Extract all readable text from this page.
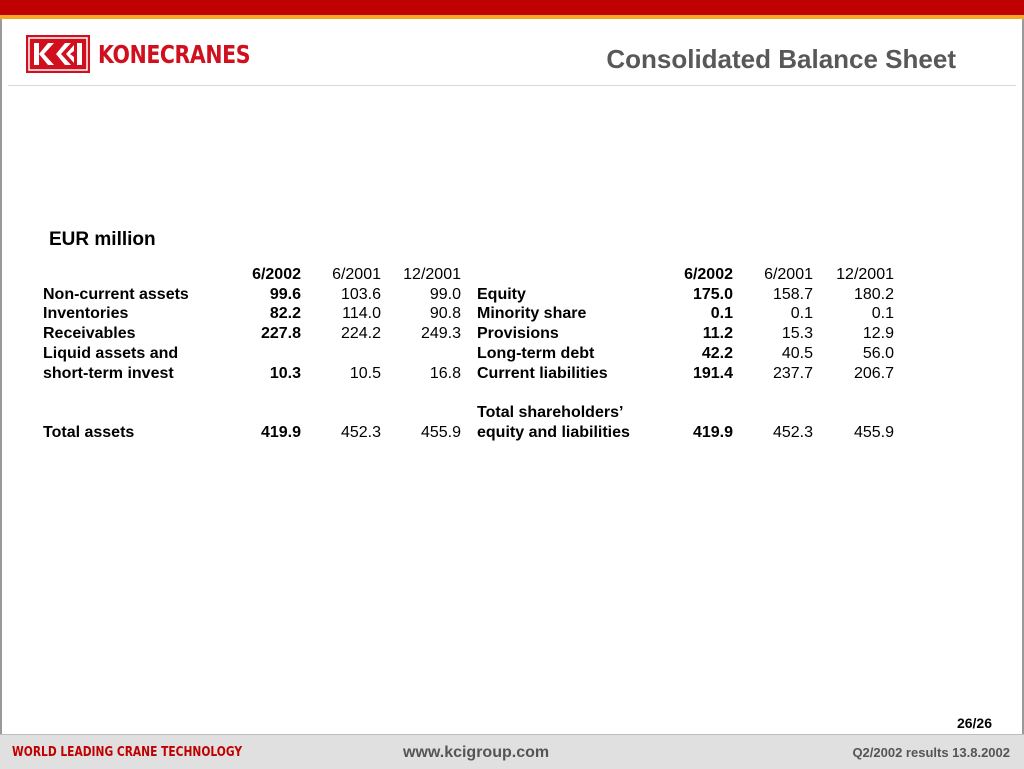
KONECRANES	Consolidated Balance Sheet
EUR million
	6/2002	6/2001	12/2001		6/2002	6/2001	12/2001
Non-current assets	99.6	103.6	99.0	Equity	175.0	158.7	180.2
Inventories	82.2	114.0	90.8	Minority share	0.1	0.1	0.1
Receivables	227.8	224.2	249.3	Provisions	11.2	15.3	12.9
Liquid assets and				Long-term debt	42.2	40.5	56.0
short-term invest	10.3	10.5	16.8	Current liabilities	191.4	237.7	206.7

				Total shareholders’			
Total assets	419.9	452.3	455.9	equity and liabilities	419.9	452.3	455.9
26/26
WORLD LEADING CRANE TECHNOLOGY	www.kcigroup.com	Q2/2002 results 13.8.2002
